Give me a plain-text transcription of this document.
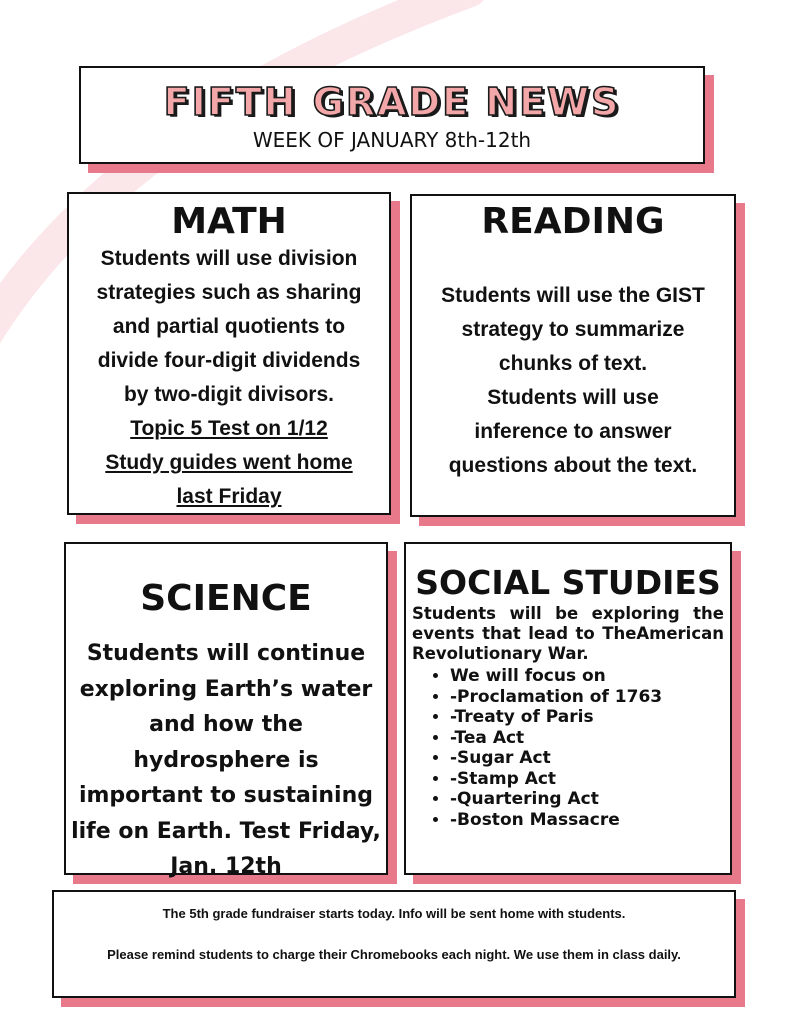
FIFTH GRADE NEWS
WEEK OF JANUARY 8th-12th
MATH
Students will use division
strategies such as sharing
and partial quotients to
divide four-digit dividends
by two-digit divisors.
Topic 5 Test on 1/12
Study guides went home
last Friday
READING
Students will use the GIST
strategy to summarize
chunks of text.
Students will use
inference to answer
questions about the text.
SCIENCE
Students will continue
exploring Earth’s water
and how the
hydrosphere is
important to sustaining
life on Earth. Test Friday,
Jan. 12th
SOCIAL STUDIES
Students will be exploring the events that lead to TheAmerican Revolutionary War.
• We will focus on
• -Proclamation of 1763
• -Treaty of Paris
• -Tea Act
• -Sugar Act
• -Stamp Act
• -Quartering Act
• -Boston Massacre
The 5th grade fundraiser starts today. Info will be sent home with students.
Please remind students to charge their Chromebooks each night. We use them in class daily.
